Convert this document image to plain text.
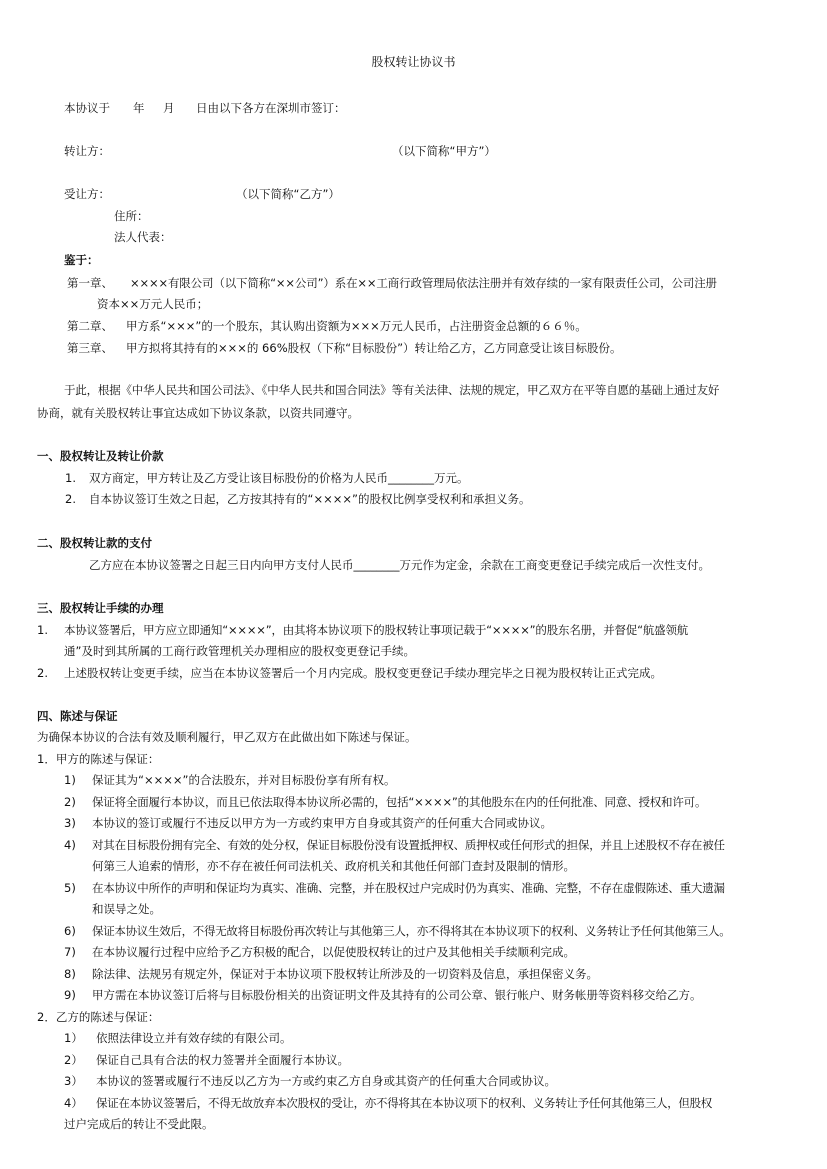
股权转让协议书
本协议于 年 月 日由以下各方在深圳市签订：
转让方：	（以下简称“甲方”）
受让方：	（以下简称“乙方”）
住所：
法人代表：
鉴于：
第一章、 ××××有限公司（以下简称“××公司”）系在××工商行政管理局依法注册并有效存续的一家有限责任公司，公司注册
资本××万元人民币；
第二章、 甲方系“×××”的一个股东，其认购出资额为×××万元人民币，占注册资金总额的６６％。
第三章、 甲方拟将其持有的×××的 66%股权（下称“目标股份”）转让给乙方，乙方同意受让该目标股份。
于此，根据《中华人民共和国公司法》、《中华人民共和国合同法》等有关法律、法规的规定，甲乙双方在平等自愿的基础上通过友好
协商，就有关股权转让事宜达成如下协议条款，以资共同遵守。
一、股权转让及转让价款
1. 双方商定，甲方转让及乙方受让该目标股份的价格为人民币________万元。
2. 自本协议签订生效之日起，乙方按其持有的“××××”的股权比例享受权利和承担义务。
二、股权转让款的支付
乙方应在本协议签署之日起三日内向甲方支付人民币________万元作为定金，余款在工商变更登记手续完成后一次性支付。
三、股权转让手续的办理
1. 本协议签署后，甲方应立即通知“××××”，由其将本协议项下的股权转让事项记载于“××××”的股东名册，并督促“航盛领航
通”及时到其所属的工商行政管理机关办理相应的股权变更登记手续。
2. 上述股权转让变更手续，应当在本协议签署后一个月内完成。股权变更登记手续办理完毕之日视为股权转让正式完成。
四、陈述与保证
为确保本协议的合法有效及顺利履行，甲乙双方在此做出如下陈述与保证。
1．甲方的陈述与保证：
1) 保证其为“××××”的合法股东，并对目标股份享有所有权。
2) 保证将全面履行本协议，而且已依法取得本协议所必需的，包括“××××”的其他股东在内的任何批准、同意、授权和许可。
3) 本协议的签订或履行不违反以甲方为一方或约束甲方自身或其资产的任何重大合同或协议。
4) 对其在目标股份拥有完全、有效的处分权，保证目标股份没有设置抵押权、质押权或任何形式的担保，并且上述股权不存在被任
何第三人追索的情形，亦不存在被任何司法机关、政府机关和其他任何部门查封及限制的情形。
5) 在本协议中所作的声明和保证均为真实、准确、完整，并在股权过户完成时仍为真实、准确、完整，不存在虚假陈述、重大遗漏
和误导之处。
6) 保证本协议生效后，不得无故将目标股份再次转让与其他第三人，亦不得将其在本协议项下的权利、义务转让予任何其他第三人。
7) 在本协议履行过程中应给予乙方积极的配合，以促使股权转让的过户及其他相关手续顺利完成。
8) 除法律、法规另有规定外，保证对于本协议项下股权转让所涉及的一切资料及信息，承担保密义务。
9) 甲方需在本协议签订后将与目标股份相关的出资证明文件及其持有的公司公章、银行帐户、财务帐册等资料移交给乙方。
2．乙方的陈述与保证：
1） 依照法律设立并有效存续的有限公司。
2） 保证自己具有合法的权力签署并全面履行本协议。
3） 本协议的签署或履行不违反以乙方为一方或约束乙方自身或其资产的任何重大合同或协议。
4） 保证在本协议签署后，不得无故放弃本次股权的受让，亦不得将其在本协议项下的权利、义务转让予任何其他第三人，但股权
过户完成后的转让不受此限。
